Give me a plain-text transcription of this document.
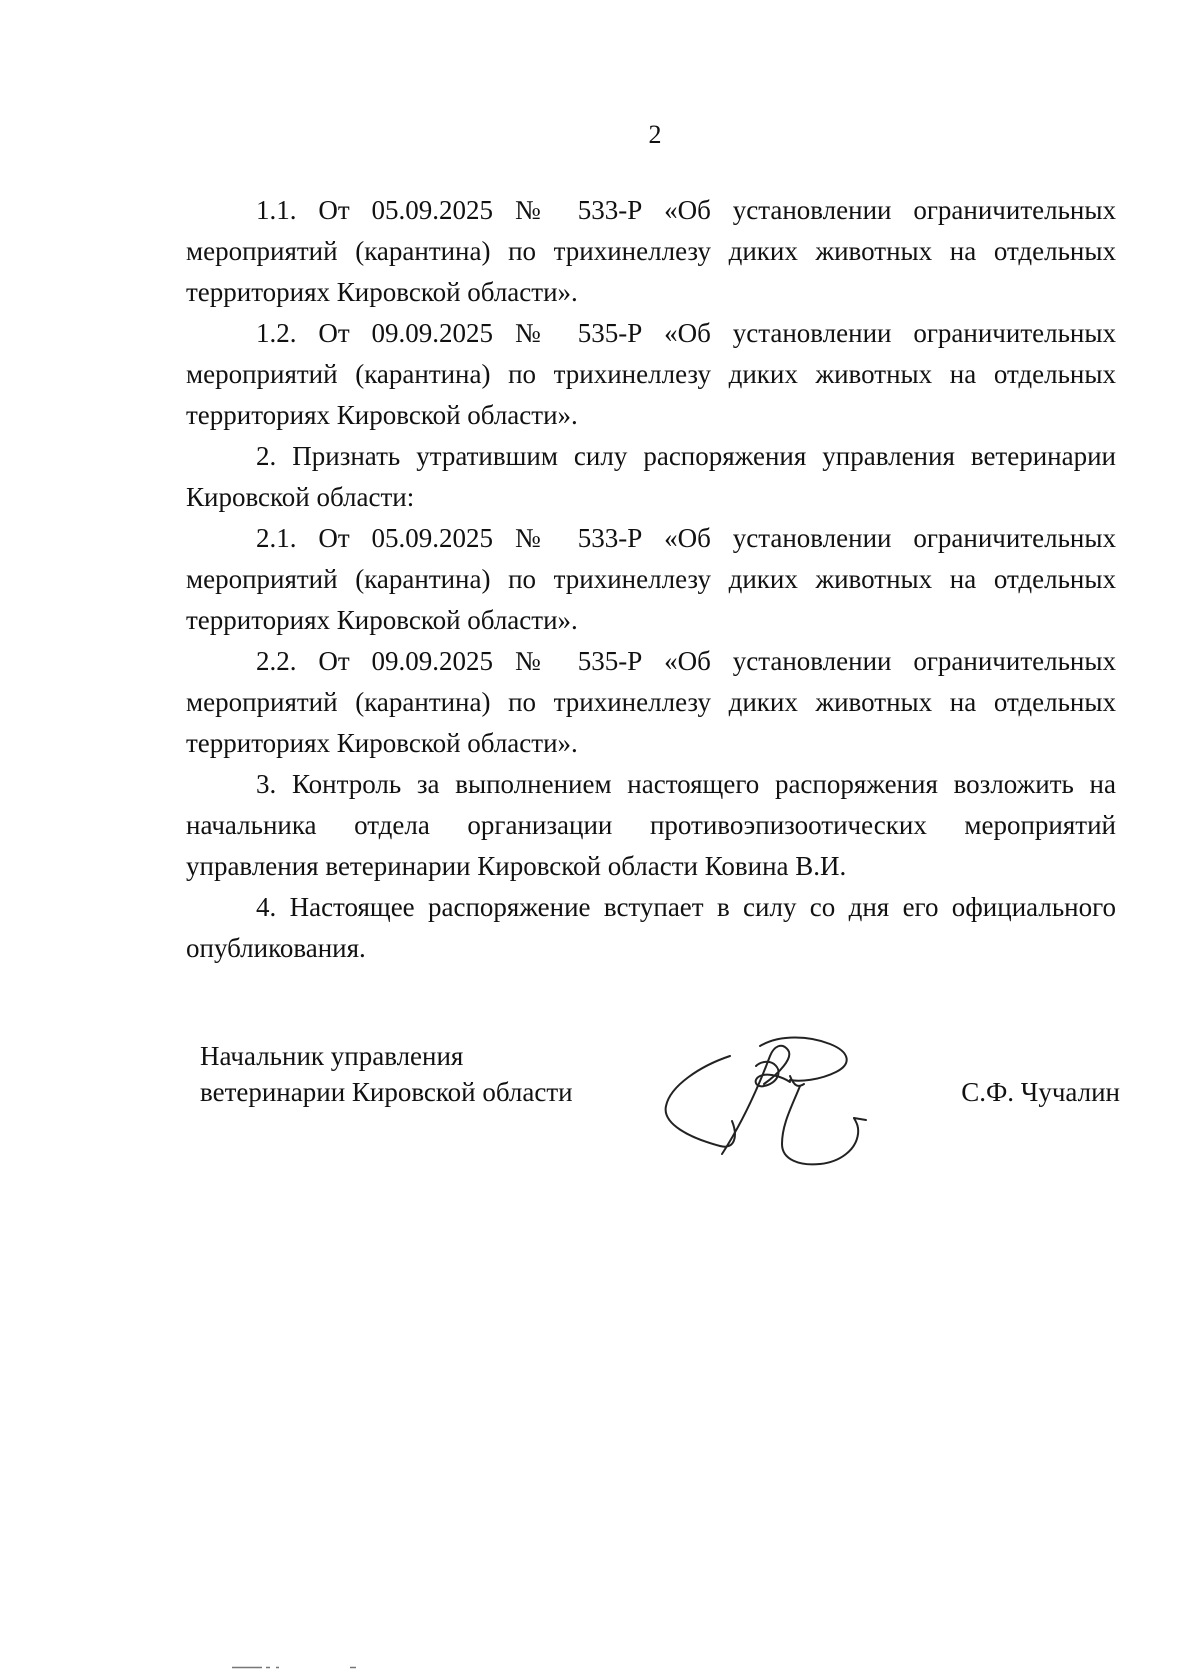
2

1.1. От 05.09.2025 № 533-Р «Об установлении ограничительных мероприятий (карантина) по трихинеллезу диких животных на отдельных территориях Кировской области».

1.2. От 09.09.2025 № 535-Р «Об установлении ограничительных мероприятий (карантина) по трихинеллезу диких животных на отдельных территориях Кировской области».

2. Признать утратившим силу распоряжения управления ветеринарии Кировской области:

2.1. От 05.09.2025 № 533-Р «Об установлении ограничительных мероприятий (карантина) по трихинеллезу диких животных на отдельных территориях Кировской области».

2.2. От 09.09.2025 № 535-Р «Об установлении ограничительных мероприятий (карантина) по трихинеллезу диких животных на отдельных территориях Кировской области».

3. Контроль за выполнением настоящего распоряжения возложить на начальника отдела организации противоэпизоотических мероприятий управления ветеринарии Кировской области Ковина В.И.

4. Настоящее распоряжение вступает в силу со дня его официального опубликования.

Начальник управления
ветеринарии Кировской области	С.Ф. Чучалин
